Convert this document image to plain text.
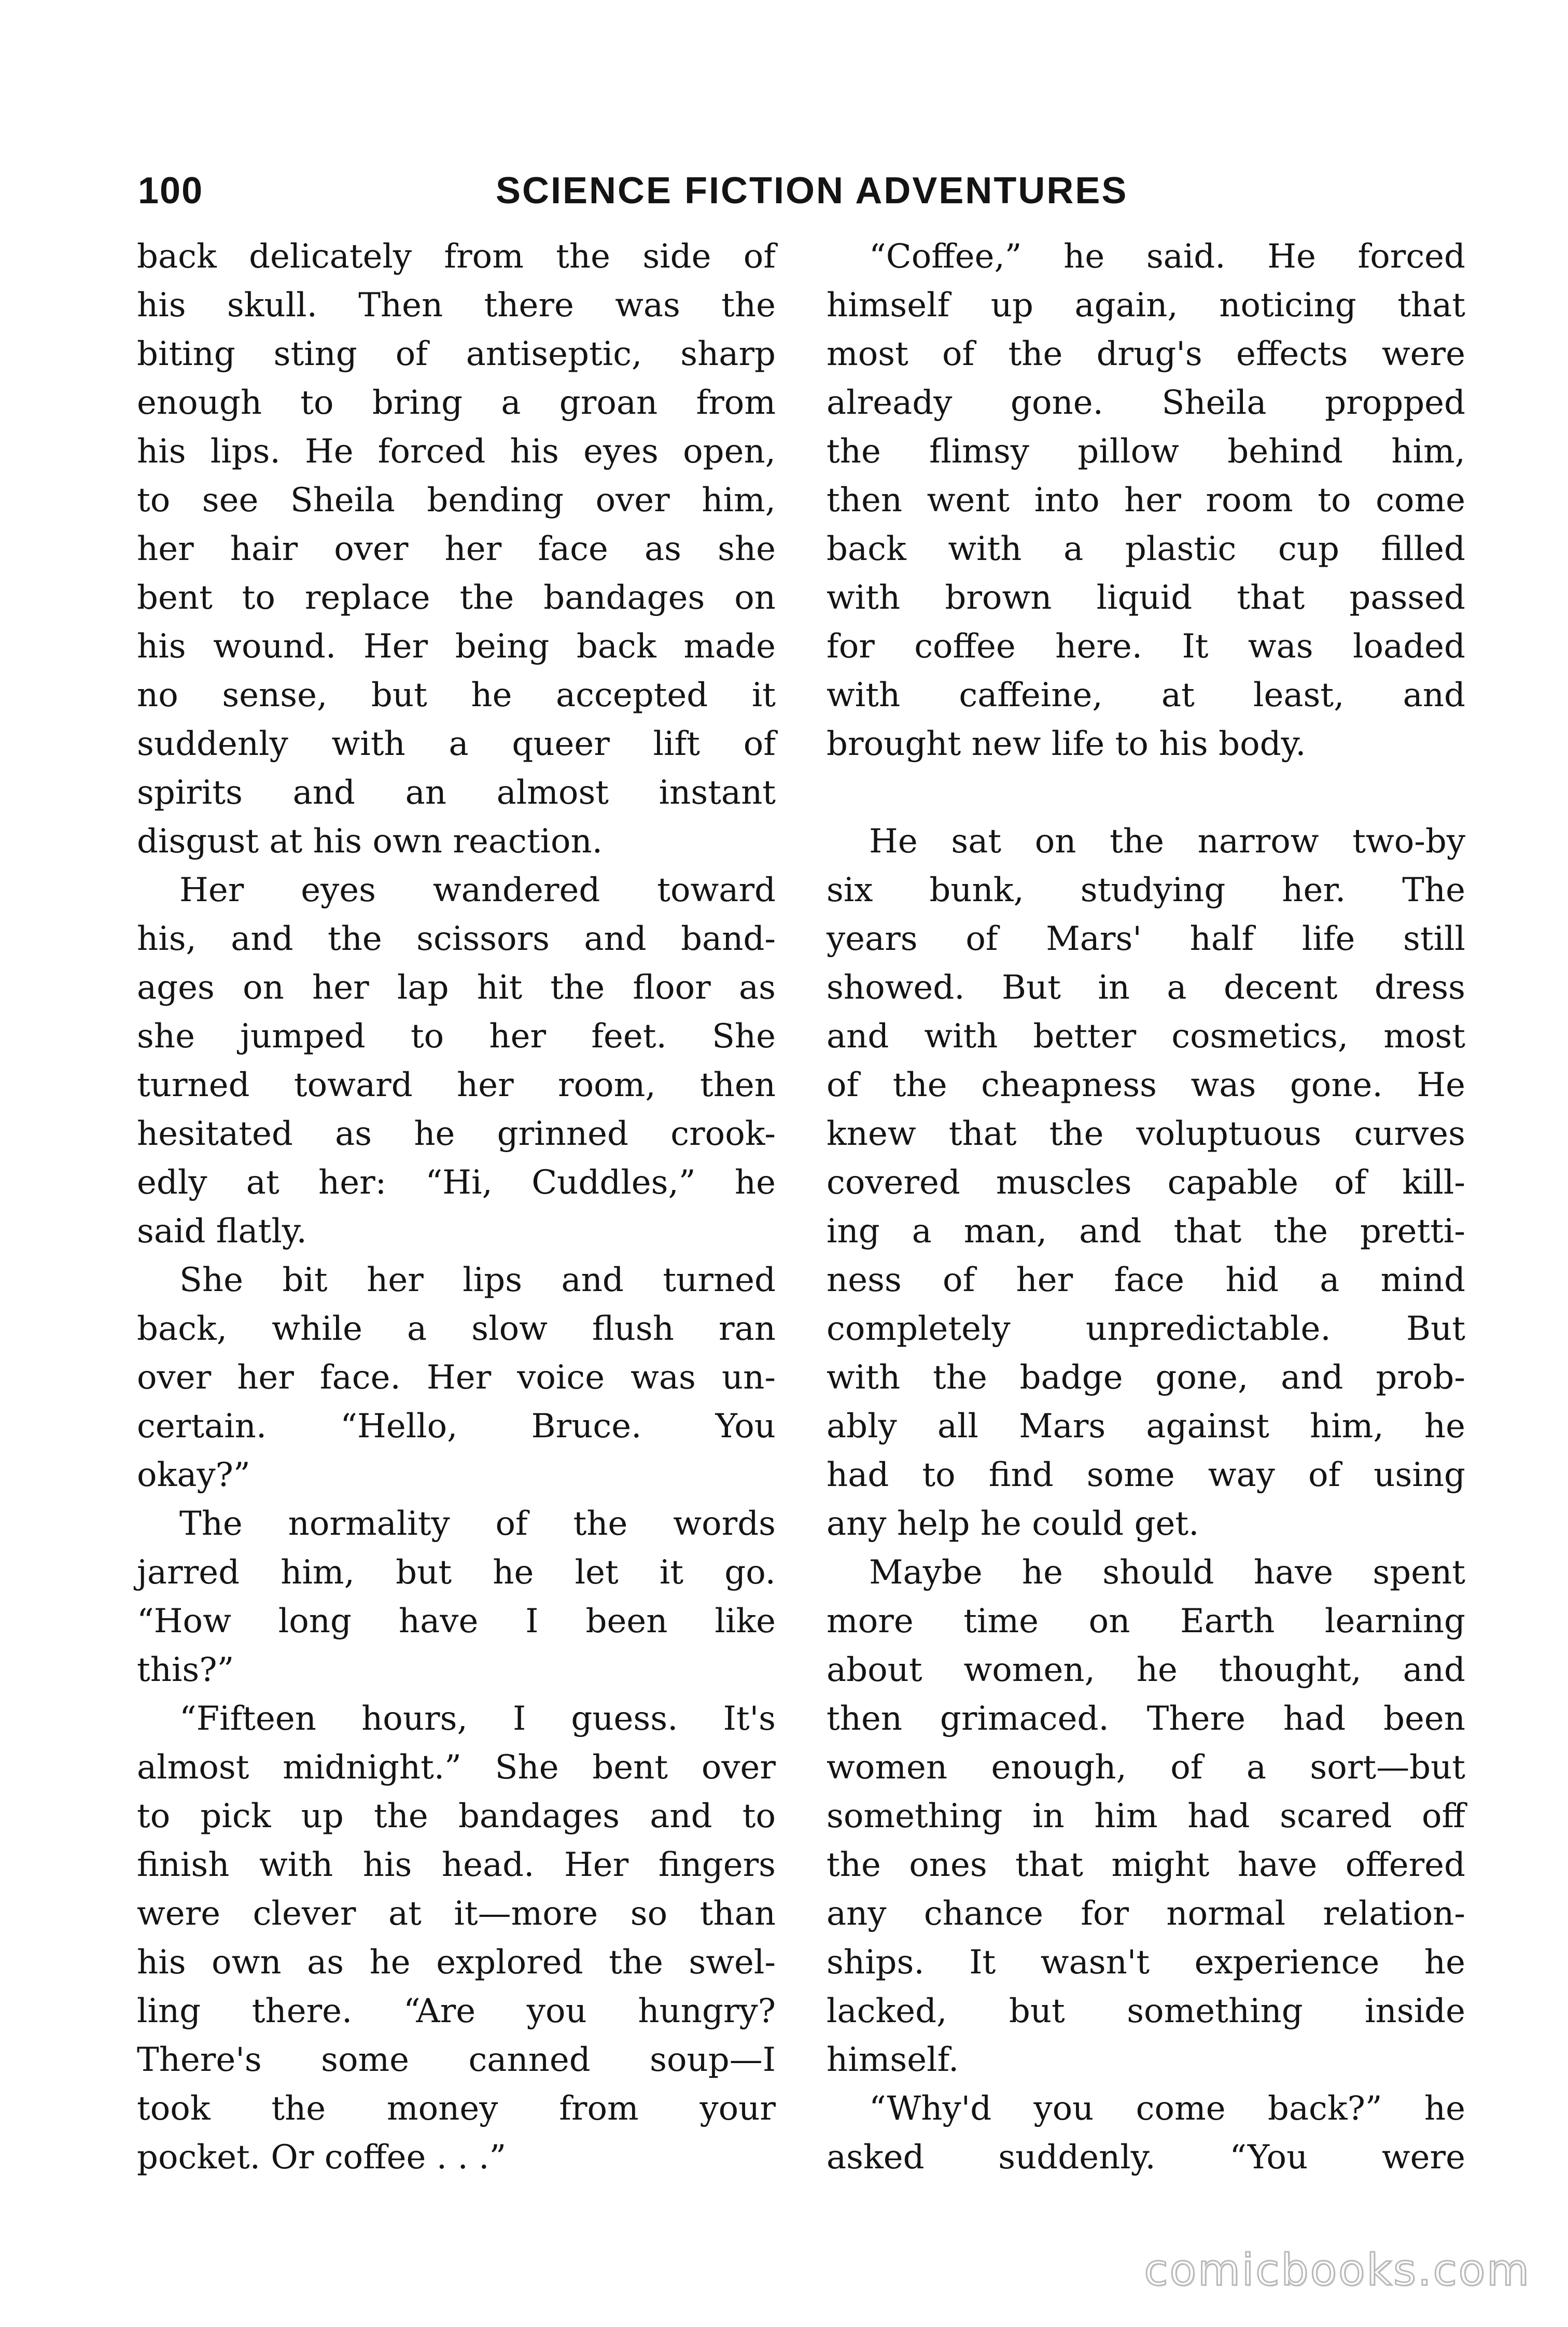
100	SCIENCE FICTION ADVENTURES
back delicately from the side of
his skull. Then there was the
biting sting of antiseptic, sharp
enough to bring a groan from
his lips. He forced his eyes open,
to see Sheila bending over him,
her hair over her face as she
bent to replace the bandages on
his wound. Her being back made
no sense, but he accepted it
suddenly with a queer lift of
spirits and an almost instant
disgust at his own reaction.
Her eyes wandered toward
his, and the scissors and band-
ages on her lap hit the floor as
she jumped to her feet. She
turned toward her room, then
hesitated as he grinned crook-
edly at her: “Hi, Cuddles,” he
said flatly.
She bit her lips and turned
back, while a slow flush ran
over her face. Her voice was un-
certain. “Hello, Bruce. You
okay?”
The normality of the words
jarred him, but he let it go.
“How long have I been like
this?”
“Fifteen hours, I guess. It's
almost midnight.” She bent over
to pick up the bandages and to
finish with his head. Her fingers
were clever at it—more so than
his own as he explored the swel-
ling there. “Are you hungry?
There's some canned soup—I
took the money from your
pocket. Or coffee . . .”
“Coffee,” he said. He forced
himself up again, noticing that
most of the drug's effects were
already gone. Sheila propped
the flimsy pillow behind him,
then went into her room to come
back with a plastic cup filled
with brown liquid that passed
for coffee here. It was loaded
with caffeine, at least, and
brought new life to his body.
He sat on the narrow two-by
six bunk, studying her. The
years of Mars' half life still
showed. But in a decent dress
and with better cosmetics, most
of the cheapness was gone. He
knew that the voluptuous curves
covered muscles capable of kill-
ing a man, and that the pretti-
ness of her face hid a mind
completely unpredictable. But
with the badge gone, and prob-
ably all Mars against him, he
had to find some way of using
any help he could get.
Maybe he should have spent
more time on Earth learning
about women, he thought, and
then grimaced. There had been
women enough, of a sort—but
something in him had scared off
the ones that might have offered
any chance for normal relation-
ships. It wasn't experience he
lacked, but something inside
himself.
“Why'd you come back?” he
asked suddenly. “You were
comicbooks.com
